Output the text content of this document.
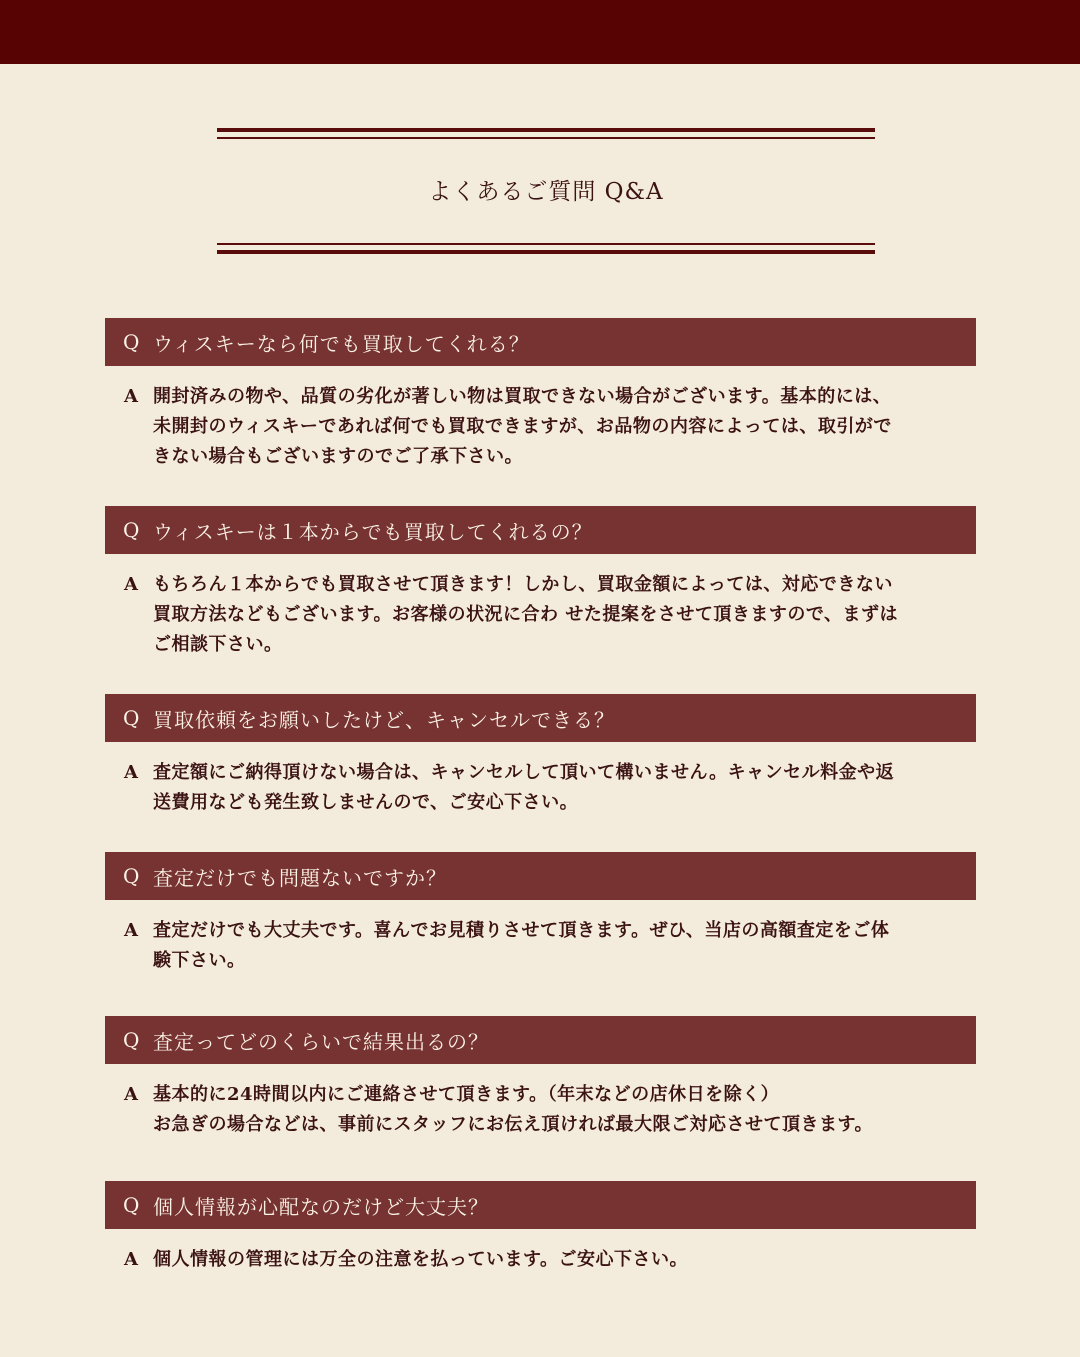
よくあるご質問 Q&A
Q ウィスキーなら何でも買取してくれる？
A 開封済みの物や、品質の劣化が著しい物は買取できない場合がございます。基本的には、
未開封のウィスキーであれば何でも買取できますが、お品物の内容によっては、取引がで
きない場合もございますのでご了承下さい。
Q ウィスキーは１本からでも買取してくれるの？
A もちろん１本からでも買取させて頂きます！しかし、買取金額によっては、対応できない
買取方法などもございます。お客様の状況に合わ せた提案をさせて頂きますので、まずは
ご相談下さい。
Q 買取依頼をお願いしたけど、キャンセルできる？
A 査定額にご納得頂けない場合は、キャンセルして頂いて構いません。キャンセル料金や返
送費用なども発生致しませんので、ご安心下さい。
Q 査定だけでも問題ないですか？
A 査定だけでも大丈夫です。喜んでお見積りさせて頂きます。ぜひ、当店の高額査定をご体
験下さい。
Q 査定ってどのくらいで結果出るの？
A 基本的に24時間以内にご連絡させて頂きます。（年末などの店休日を除く）
お急ぎの場合などは、事前にスタッフにお伝え頂ければ最大限ご対応させて頂きます。
Q 個人情報が心配なのだけど大丈夫？
A 個人情報の管理には万全の注意を払っています。ご安心下さい。
